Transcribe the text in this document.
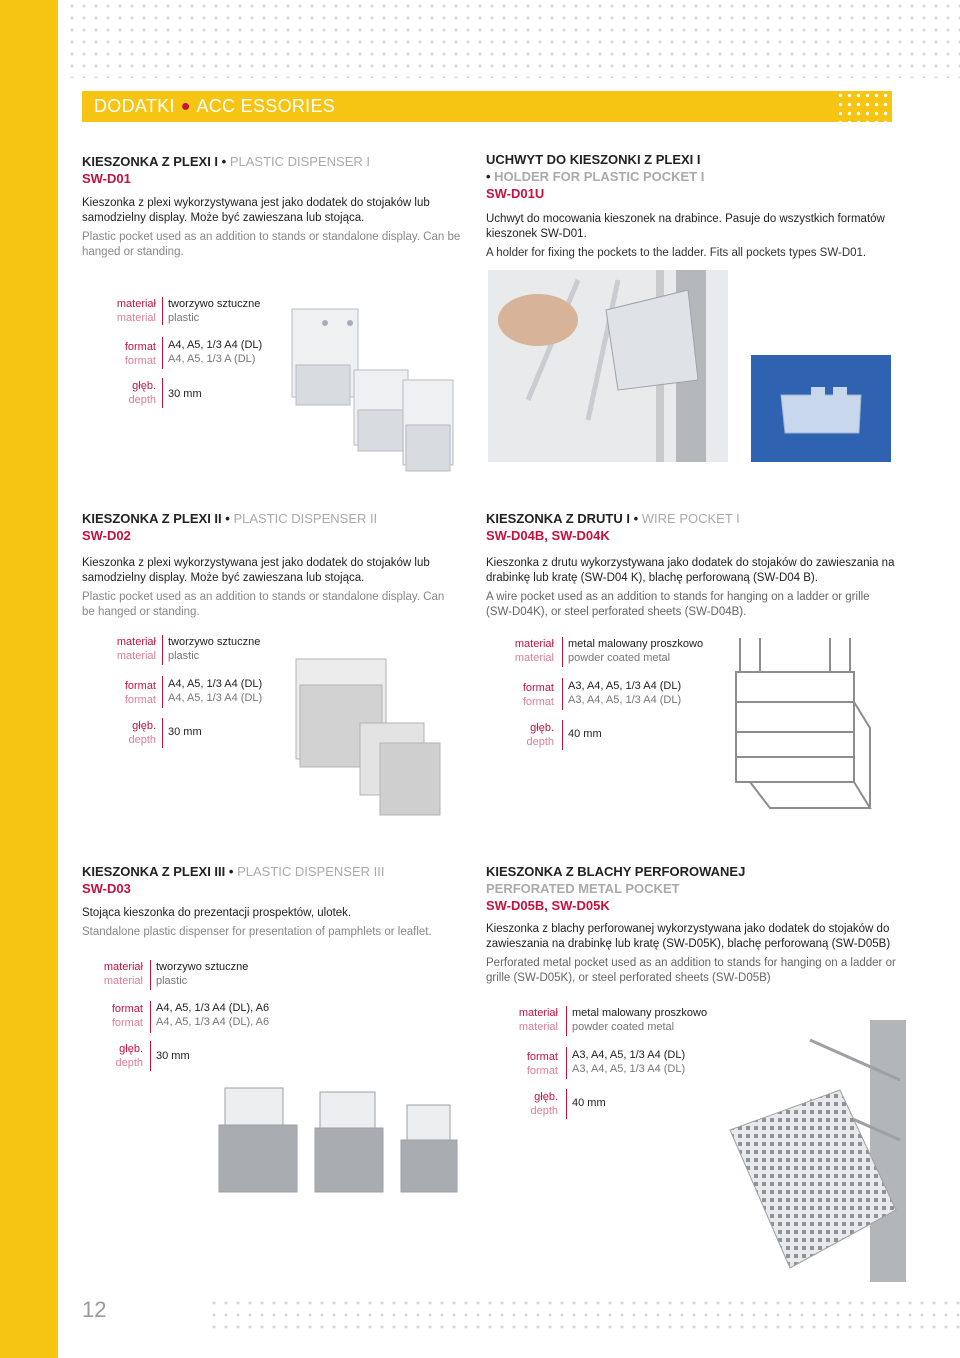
DODATKI ● ACC ESSORIES
KIESZONKA Z PLEXI I • PLASTIC DISPENSER I
SW-D01
Kieszonka z plexi wykorzystywana jest jako dodatek do stojaków lub samodzielny display. Może być zawieszana lub stojąca.
Plastic pocket used as an addition to stands or standalone display. Can be hanged or standing.
materiał
material
tworzywo sztuczne
plastic
format
format
A4, A5, 1/3 A4 (DL)
A4, A5, 1/3 A (DL)
głęb.
depth 30 mm
UCHWYT DO KIESZONKI Z PLEXI I
• HOLDER FOR PLASTIC POCKET I
SW-D01U
Uchwyt do mocowania kieszonek na drabince. Pasuje do wszystkich formatów kieszonek SW-D01.
A holder for fixing the pockets to the ladder. Fits all pockets types SW-D01.
KIESZONKA Z PLEXI II • PLASTIC DISPENSER II
SW-D02
Kieszonka z plexi wykorzystywana jest jako dodatek do stojaków lub samodzielny display. Może być zawieszana lub stojąca.
Plastic pocket used as an addition to stands or standalone display. Can be hanged or standing.
materiał
material
tworzywo sztuczne
plastic
format
format
A4, A5, 1/3 A4 (DL)
A4, A5, 1/3 A4 (DL)
głęb.
depth
30 mm
KIESZONKA Z DRUTU I • WIRE POCKET I
SW-D04B, SW-D04K
Kieszonka z drutu wykorzystywana jako dodatek do stojaków do zawieszania na drabinkę lub kratę (SW-D04 K), blachę perforowaną (SW-D04 B).
A wire pocket used as an addition to stands for hanging on a ladder or grille (SW-D04K), or steel perforated sheets (SW-D04B).
materiał
material
metal malowany proszkowo
powder coated metal
format
format
A3, A4, A5, 1/3 A4 (DL)
A3, A4, A5, 1/3 A4 (DL)
głęb.
depth
40 mm
KIESZONKA Z PLEXI III • PLASTIC DISPENSER III
SW-D03
Stojąca kieszonka do prezentacji prospektów, ulotek.
Standalone plastic dispenser for presentation of pamphlets or leaflet.
materiał
material
tworzywo sztuczne
plastic
format
format
A4, A5, 1/3 A4 (DL), A6
A4, A5, 1/3 A4 (DL), A6
głęb.
depth
30 mm
KIESZONKA Z BLACHY PERFOROWANEJ
PERFORATED METAL POCKET
SW-D05B, SW-D05K
Kieszonka z blachy perforowanej wykorzystywana jako dodatek do stojaków do zawieszania na drabinkę lub kratę (SW-D05K), blachę perforowaną (SW-D05B)
Perforated metal pocket used as an addition to stands for hanging on a ladder or grille (SW-D05K), or steel perforated sheets (SW-D05B)
materiał
material
metal malowany proszkowo
powder coated metal
format
format
A3, A4, A5, 1/3 A4 (DL)
A3, A4, A5, 1/3 A4 (DL)
głęb.
depth
40 mm
12
